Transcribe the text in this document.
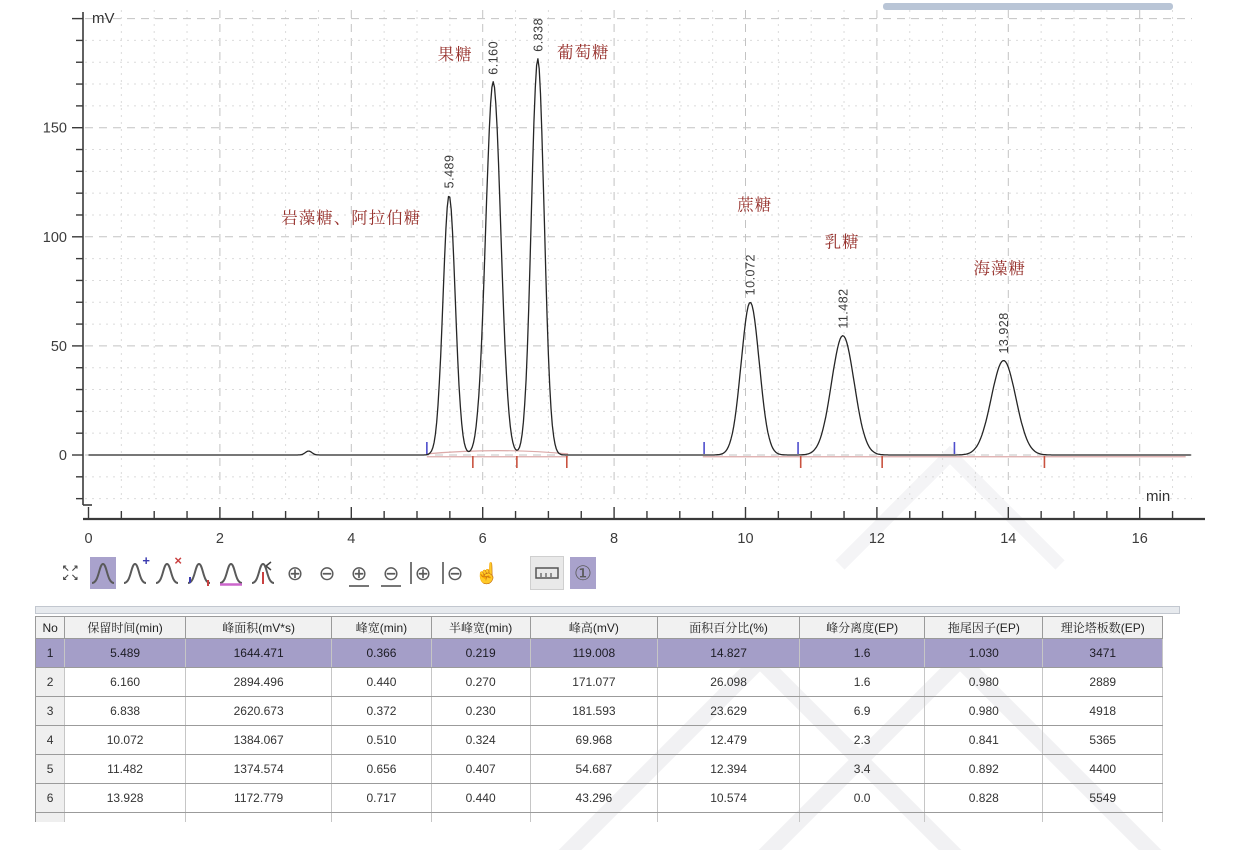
0
50
100
150
0	2	4	6	8	10	12	14	16
5.489
岩藻糖、阿拉伯糖
6.160
果糖
6.838
葡萄糖
10.072
蔗糖
11.482
乳糖
13.928
海藻糖
mV
min
↖ ↗
↙ ↘
+ ×
⊕ ⊖ ⊕ ⊖ ⊕ ⊖ ☝	①
No	保留时间(min)	峰面积(mV*s)	峰宽(min)	半峰宽(min)	峰高(mV)	面积百分比(%)	峰分离度(EP)	拖尾因子(EP)	理论塔板数(EP)
1	5.489	1644.471	0.366	0.219	119.008	14.827	1.6	1.030	3471
2	6.160	2894.496	0.440	0.270	171.077	26.098	1.6	0.980	2889
3	6.838	2620.673	0.372	0.230	181.593	23.629	6.9	0.980	4918
4	10.072	1384.067	0.510	0.324	69.968	12.479	2.3	0.841	5365
5	11.482	1374.574	0.656	0.407	54.687	12.394	3.4	0.892	4400
6	13.928	1172.779	0.717	0.440	43.296	10.574	0.0	0.828	5549
